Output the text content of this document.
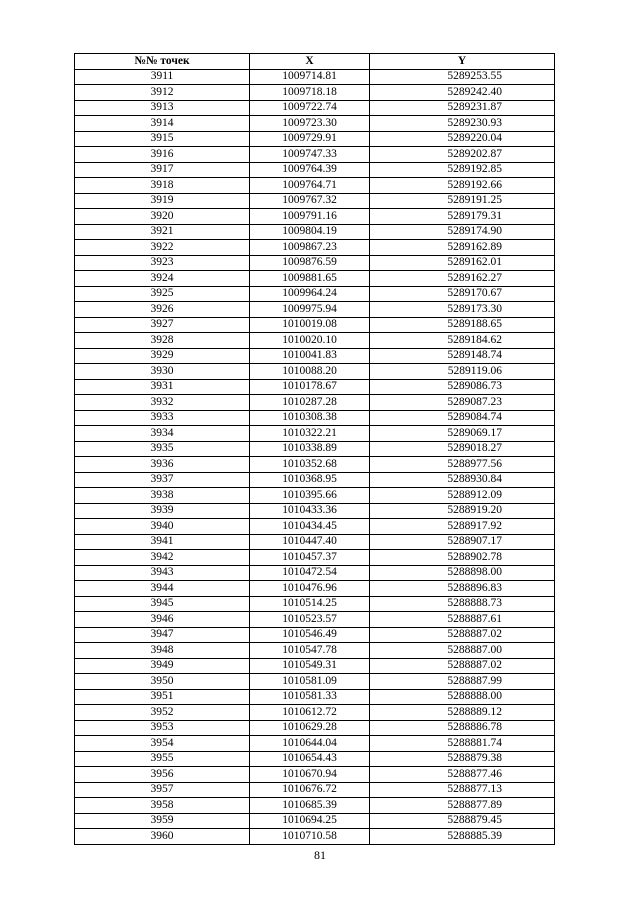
№№ точек	X	Y
3911	1009714.81	5289253.55
3912	1009718.18	5289242.40
3913	1009722.74	5289231.87
3914	1009723.30	5289230.93
3915	1009729.91	5289220.04
3916	1009747.33	5289202.87
3917	1009764.39	5289192.85
3918	1009764.71	5289192.66
3919	1009767.32	5289191.25
3920	1009791.16	5289179.31
3921	1009804.19	5289174.90
3922	1009867.23	5289162.89
3923	1009876.59	5289162.01
3924	1009881.65	5289162.27
3925	1009964.24	5289170.67
3926	1009975.94	5289173.30
3927	1010019.08	5289188.65
3928	1010020.10	5289184.62
3929	1010041.83	5289148.74
3930	1010088.20	5289119.06
3931	1010178.67	5289086.73
3932	1010287.28	5289087.23
3933	1010308.38	5289084.74
3934	1010322.21	5289069.17
3935	1010338.89	5289018.27
3936	1010352.68	5288977.56
3937	1010368.95	5288930.84
3938	1010395.66	5288912.09
3939	1010433.36	5288919.20
3940	1010434.45	5288917.92
3941	1010447.40	5288907.17
3942	1010457.37	5288902.78
3943	1010472.54	5288898.00
3944	1010476.96	5288896.83
3945	1010514.25	5288888.73
3946	1010523.57	5288887.61
3947	1010546.49	5288887.02
3948	1010547.78	5288887.00
3949	1010549.31	5288887.02
3950	1010581.09	5288887.99
3951	1010581.33	5288888.00
3952	1010612.72	5288889.12
3953	1010629.28	5288886.78
3954	1010644.04	5288881.74
3955	1010654.43	5288879.38
3956	1010670.94	5288877.46
3957	1010676.72	5288877.13
3958	1010685.39	5288877.89
3959	1010694.25	5288879.45
3960	1010710.58	5288885.39
81
